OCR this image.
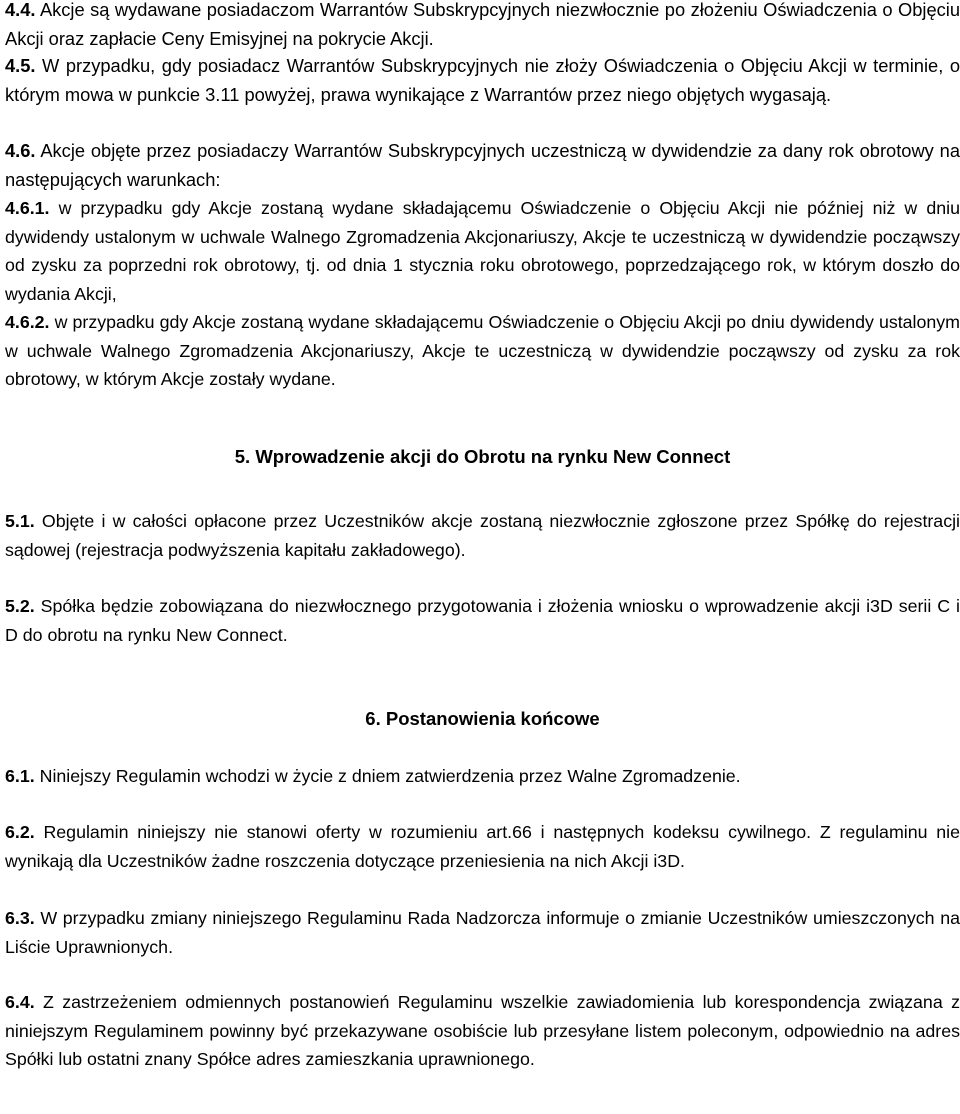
4.4. Akcje są wydawane posiadaczom Warrantów Subskrypcyjnych niezwłocznie po złożeniu Oświadczenia o Objęciu Akcji oraz zapłacie Ceny Emisyjnej na pokrycie Akcji.

4.5. W przypadku, gdy posiadacz Warrantów Subskrypcyjnych nie złoży Oświadczenia o Objęciu Akcji w terminie, o którym mowa w punkcie 3.11 powyżej, prawa wynikające z Warrantów przez niego objętych wygasają.

4.6. Akcje objęte przez posiadaczy Warrantów Subskrypcyjnych uczestniczą w dywidendzie za dany rok obrotowy na następujących warunkach:

4.6.1. w przypadku gdy Akcje zostaną wydane składającemu Oświadczenie o Objęciu Akcji nie później niż w dniu dywidendy ustalonym w uchwale Walnego Zgromadzenia Akcjonariuszy, Akcje te uczestniczą w dywidendzie począwszy od zysku za poprzedni rok obrotowy, tj. od dnia 1 stycznia roku obrotowego, poprzedzającego rok, w którym doszło do wydania Akcji,

4.6.2. w przypadku gdy Akcje zostaną wydane składającemu Oświadczenie o Objęciu Akcji po dniu dywidendy ustalonym w uchwale Walnego Zgromadzenia Akcjonariuszy, Akcje te uczestniczą w dywidendzie począwszy od zysku za rok obrotowy, w którym Akcje zostały wydane.

5. Wprowadzenie akcji do Obrotu na rynku New Connect

5.1. Objęte i w całości opłacone przez Uczestników akcje zostaną niezwłocznie zgłoszone przez Spółkę do rejestracji sądowej (rejestracja podwyższenia kapitału zakładowego).

5.2. Spółka będzie zobowiązana do niezwłocznego przygotowania i złożenia wniosku o wprowadzenie akcji i3D serii C i D do obrotu na rynku New Connect.

6. Postanowienia końcowe

6.1. Niniejszy Regulamin wchodzi w życie z dniem zatwierdzenia przez Walne Zgromadzenie.

6.2. Regulamin niniejszy nie stanowi oferty w rozumieniu art.66 i następnych kodeksu cywilnego. Z regulaminu nie wynikają dla Uczestników żadne roszczenia dotyczące przeniesienia na nich Akcji i3D.

6.3. W przypadku zmiany niniejszego Regulaminu Rada Nadzorcza informuje o zmianie Uczestników umieszczonych na Liście Uprawnionych.

6.4. Z zastrzeżeniem odmiennych postanowień Regulaminu wszelkie zawiadomienia lub korespondencja związana z niniejszym Regulaminem powinny być przekazywane osobiście lub przesyłane listem poleconym, odpowiednio na adres Spółki lub ostatni znany Spółce adres zamieszkania uprawnionego.
